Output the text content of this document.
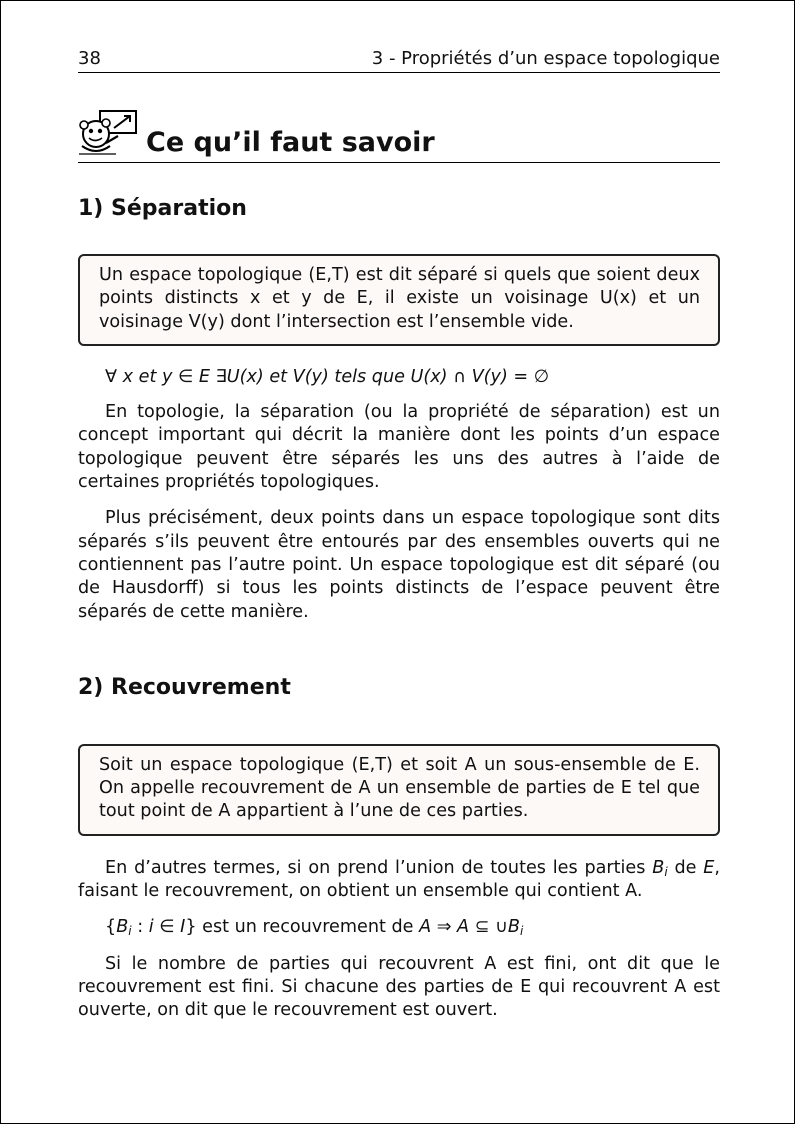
38	3 - Propriétés d’un espace topologique
Ce qu’il faut savoir
1) Séparation
Un espace topologique (E,T) est dit séparé si quels que soient deux points distincts x et y de E, il existe un voisinage U(x) et un voisinage V(y) dont l’intersection est l’ensemble vide.
∀ x et y ∈ E ∃U(x) et V(y) tels que U(x) ∩ V(y) = ∅

En topologie, la séparation (ou la propriété de séparation) est un concept important qui décrit la manière dont les points d’un espace topologique peuvent être séparés les uns des autres à l’aide de certaines propriétés topologiques.

Plus précisément, deux points dans un espace topologique sont dits séparés s’ils peuvent être entourés par des ensembles ouverts qui ne contiennent pas l’autre point. Un espace topologique est dit séparé (ou de Hausdorff) si tous les points distincts de l’espace peuvent être séparés de cette manière.

2) Recouvrement
Soit un espace topologique (E,T) et soit A un sous-ensemble de E. On appelle recouvrement de A un ensemble de parties de E tel que tout point de A appartient à l’une de ces parties.

En d’autres termes, si on prend l’union de toutes les parties $B_i$ de E, faisant le recouvrement, on obtient un ensemble qui contient A.

{$B_i$ : i ∈ I} est un recouvrement de A ⇒ A ⊆ $\cup B_i$

Si le nombre de parties qui recouvrent A est fini, ont dit que le recouvrement est fini. Si chacune des parties de E qui recouvrent A est ouverte, on dit que le recouvrement est ouvert.
